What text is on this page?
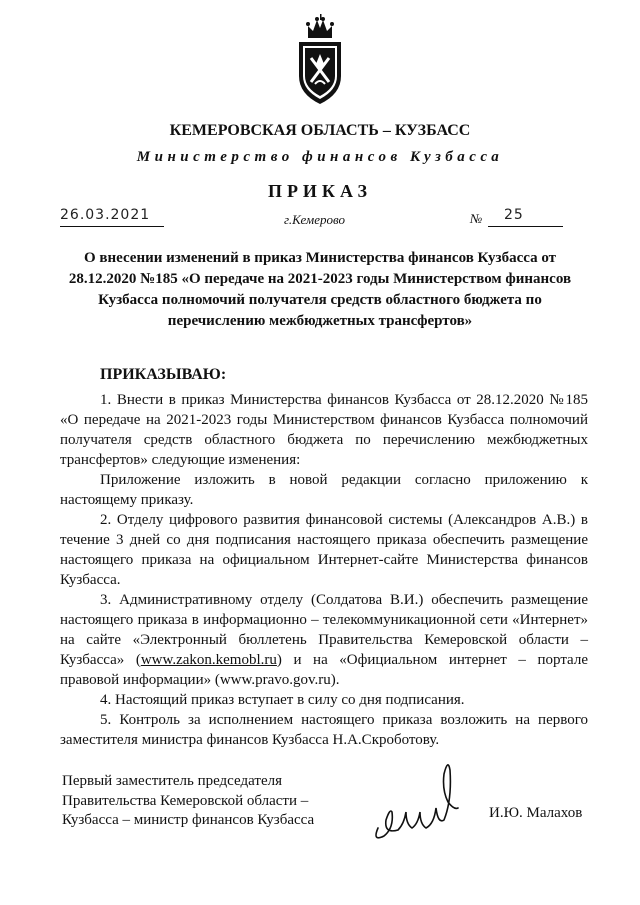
КЕМЕРОВСКАЯ ОБЛАСТЬ – КУЗБАСС
Министерство финансов Кузбасса
ПРИКАЗ
26.03.2021	г.Кемерово	№ 25
О внесении изменений в приказ Министерства финансов Кузбасса от 28.12.2020 №185 «О передаче на 2021-2023 годы Министерством финансов Кузбасса полномочий получателя средств областного бюджета по перечислению межбюджетных трансфертов»
ПРИКАЗЫВАЮ:

1. Внести в приказ Министерства финансов Кузбасса от 28.12.2020 №185 «О передаче на 2021-2023 годы Министерством финансов Кузбасса полномочий получателя средств областного бюджета по перечислению межбюджетных трансфертов» следующие изменения:

Приложение изложить в новой редакции согласно приложению к настоящему приказу.

2. Отделу цифрового развития финансовой системы (Александров А.В.) в течение 3 дней со дня подписания настоящего приказа обеспечить размещение настоящего приказа на официальном Интернет-сайте Министерства финансов Кузбасса.

3. Административному отделу (Солдатова В.И.) обеспечить размещение настоящего приказа в информационно – телекоммуникационной сети «Интернет» на сайте «Электронный бюллетень Правительства Кемеровской области – Кузбасса» (www.zakon.kemobl.ru) и на «Официальном интернет – портале правовой информации» (www.pravo.gov.ru).

4. Настоящий приказ вступает в силу со дня подписания.

5. Контроль за исполнением настоящего приказа возложить на первого заместителя министра финансов Кузбасса Н.А.Скроботову.

Первый заместитель председателя
Правительства Кемеровской области –
Кузбасса – министр финансов Кузбасса	И.Ю. Малахов
